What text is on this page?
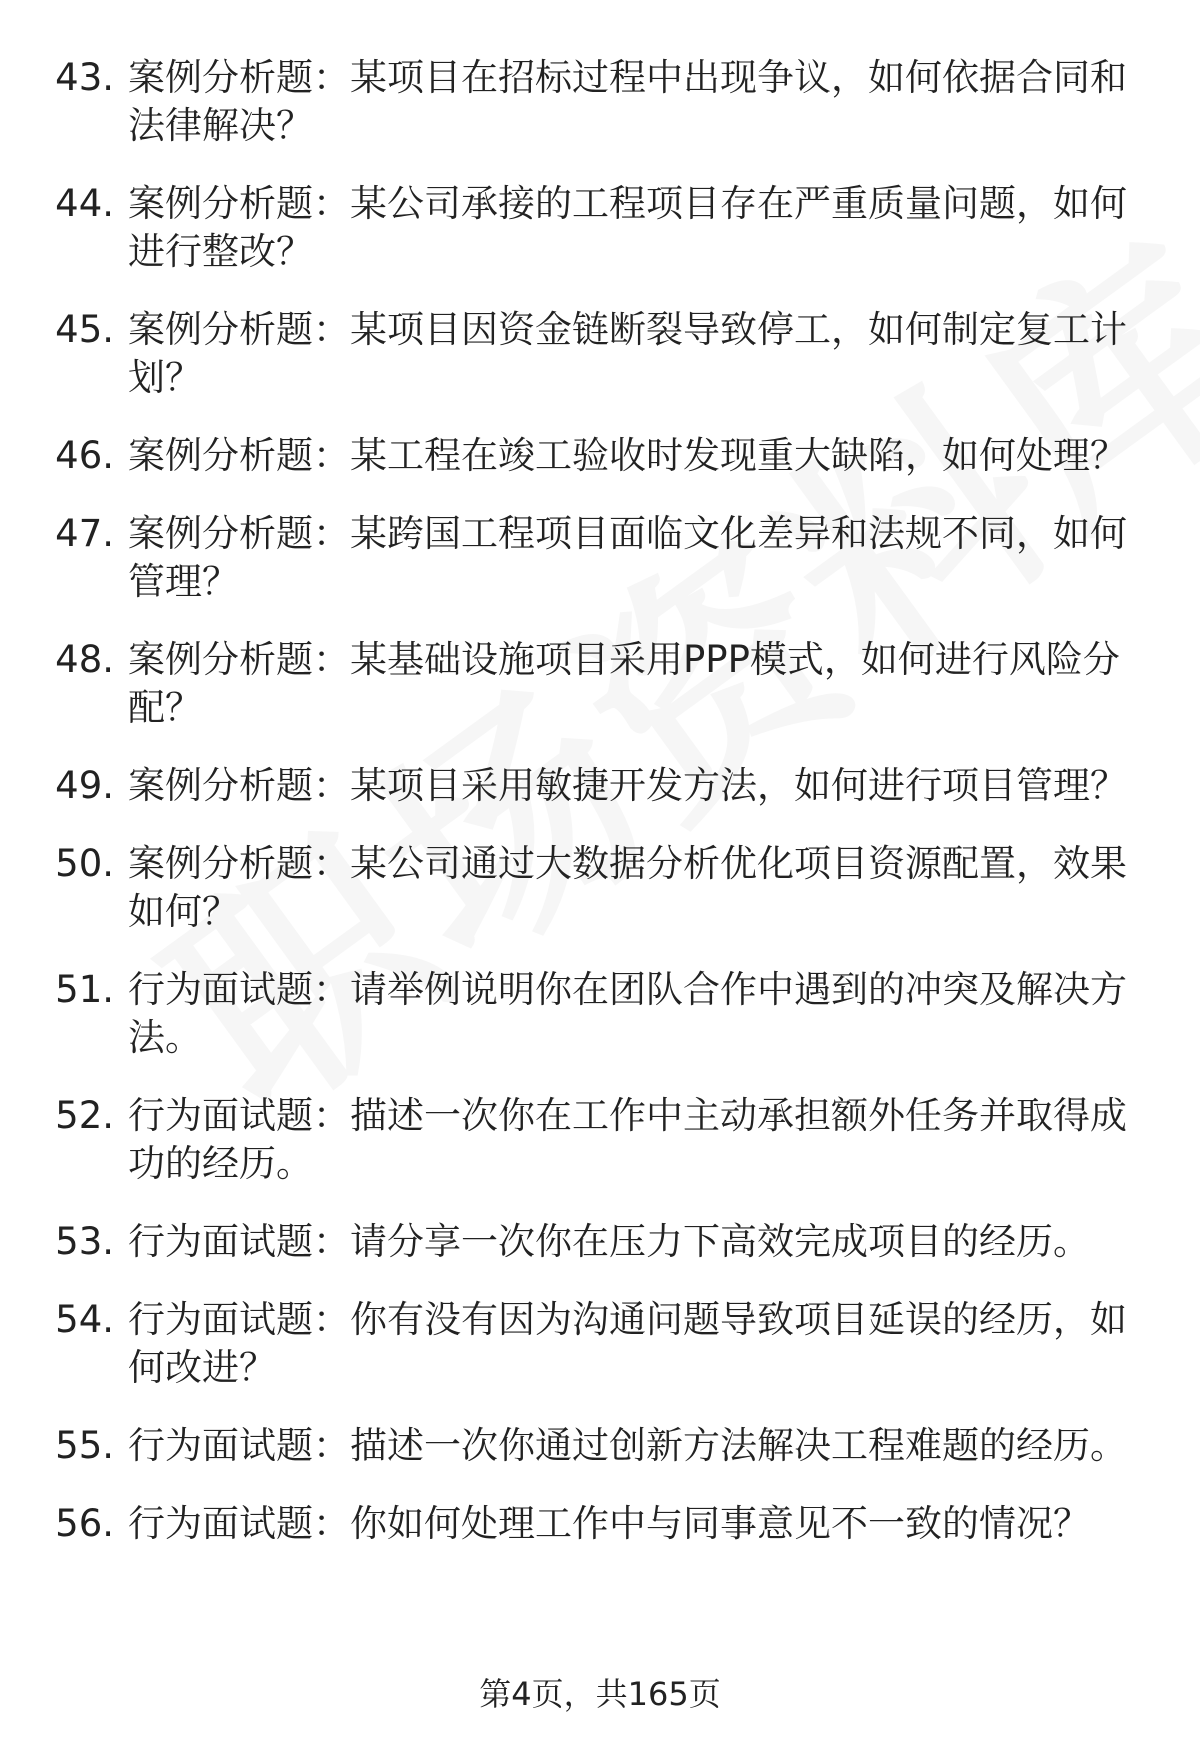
43. 案例分析题：某项目在招标过程中出现争议，如何依据合同和法律解决？
44. 案例分析题：某公司承接的工程项目存在严重质量问题，如何进行整改？
45. 案例分析题：某项目因资金链断裂导致停工，如何制定复工计划？
46. 案例分析题：某工程在竣工验收时发现重大缺陷，如何处理？
47. 案例分析题：某跨国工程项目面临文化差异和法规不同，如何管理？
48. 案例分析题：某基础设施项目采用PPP模式，如何进行风险分配？
49. 案例分析题：某项目采用敏捷开发方法，如何进行项目管理？
50. 案例分析题：某公司通过大数据分析优化项目资源配置，效果如何？
51. 行为面试题：请举例说明你在团队合作中遇到的冲突及解决方法。
52. 行为面试题：描述一次你在工作中主动承担额外任务并取得成功的经历。
53. 行为面试题：请分享一次你在压力下高效完成项目的经历。
54. 行为面试题：你有没有因为沟通问题导致项目延误的经历，如何改进？
55. 行为面试题：描述一次你通过创新方法解决工程难题的经历。
56. 行为面试题：你如何处理工作中与同事意见不一致的情况？
第4页，共165页
